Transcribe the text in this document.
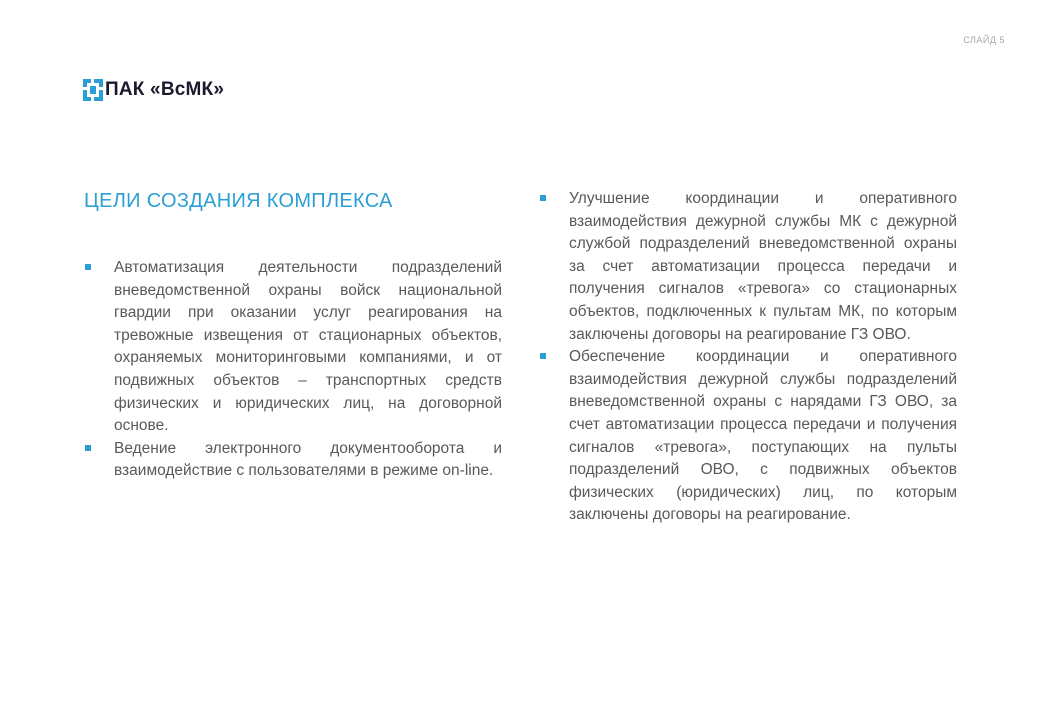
СЛАЙД 5
ПАК «ВсМК»
ЦЕЛИ СОЗДАНИЯ КОМПЛЕКСА
Автоматизация деятельности подразделений вневедомственной охраны войск национальной гвардии при оказании услуг реагирования на тревожные извещения от стационарных объектов, охраняемых мониторинговыми компаниями, и от подвижных объектов – транспортных средств физических и юридических лиц, на договорной основе.
Ведение электронного документооборота и взаимодействие с пользователями в режиме on-line.
Улучшение координации и оперативного взаимодействия дежурной службы МК с дежурной службой подразделений вневедомственной охраны за счет автоматизации процесса передачи и получения сигналов «тревога» со стационарных объектов, подключенных к пультам МК, по которым заключены договоры на реагирование ГЗ ОВО.
Обеспечение координации и оперативного взаимодействия дежурной службы подразделений вневедомственной охраны с нарядами ГЗ ОВО, за счет автоматизации процесса передачи и получения сигналов «тревога», поступающих на пульты подразделений ОВО, с подвижных объектов физических (юридических) лиц, по которым заключены договоры на реагирование.
